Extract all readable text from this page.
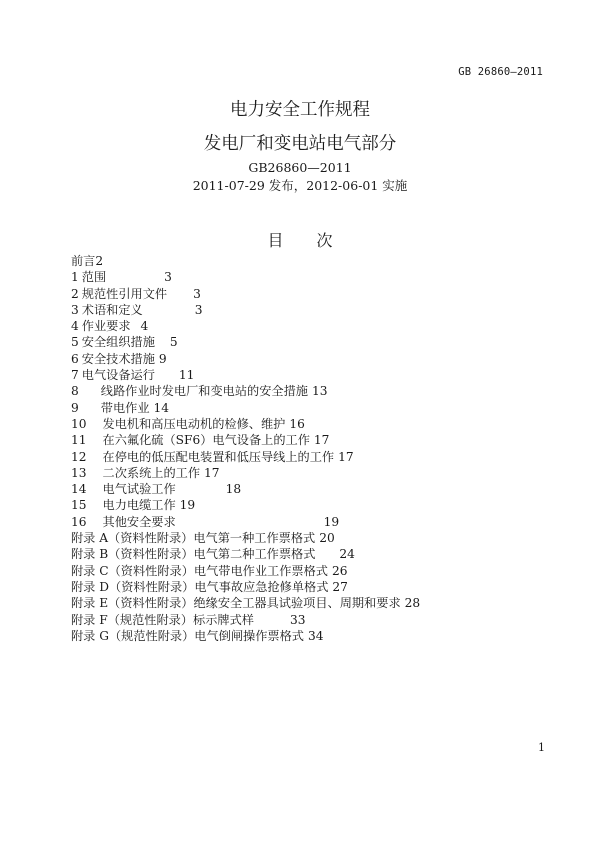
GB 26860—2011
电力安全工作规程
发电厂和变电站电气部分
GB26860—2011
2011-07-29 发布，2012-06-01 实施
目 次
前言2
1 范围	3
2 规范性引用文件 3
3 术语和定义	3
4 作业要求 4
5 安全组织措施 5
6 安全技术措施 9
7 电气设备运行 11
8 线路作业时发电厂和变电站的安全措施 13
9 带电作业 14
10 发电机和高压电动机的检修、维护 16
11 在六氟化硫（SF6）电气设备上的工作 17
12 在停电的低压配电装置和低压导线上的工作 17
13 二次系统上的工作 17
14 电气试验工作	18
15 电力电缆工作 19
16 其他安全要求	19
附录 A（资料性附录）电气第一种工作票格式 20
附录 B（资料性附录）电气第二种工作票格式 24
附录 C（资料性附录）电气带电作业工作票格式 26
附录 D（资料性附录）电气事故应急抢修单格式 27
附录 E（资料性附录）绝缘安全工器具试验项目、周期和要求 28
附录 F（规范性附录）标示牌式样	33
附录 G（规范性附录）电气倒闸操作票格式 34
1
